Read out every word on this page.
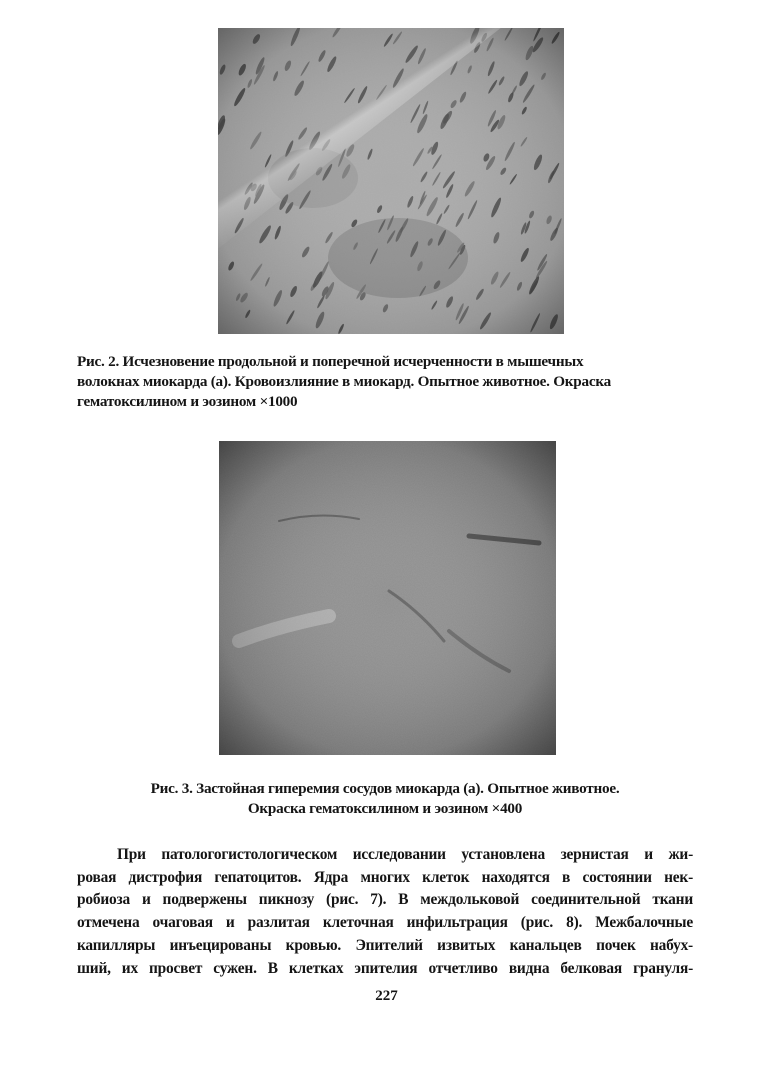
Рис. 2. Исчезновение продольной и поперечной исчерченности в мышечных
волокнах миокарда (а). Кровоизлияние в миокард. Опытное животное. Окраска
гематоксилином и эозином ×1000

Рис. 3. Застойная гиперемия сосудов миокарда (а). Опытное животное.
Окраска гематоксилином и эозином ×400

При патологогистологическом исследовании установлена зернистая и жи-
ровая дистрофия гепатоцитов. Ядра многих клеток находятся в состоянии нек-
робиоза и подвержены пикнозу (рис. 7). В междольковой соединительной ткани
отмечена очаговая и разлитая клеточная инфильтрация (рис. 8). Межбалочные
капилляры инъецированы кровью. Эпителий извитых канальцев почек набух-
ший, их просвет сужен. В клетках эпителия отчетливо видна белковая грануля-

227
